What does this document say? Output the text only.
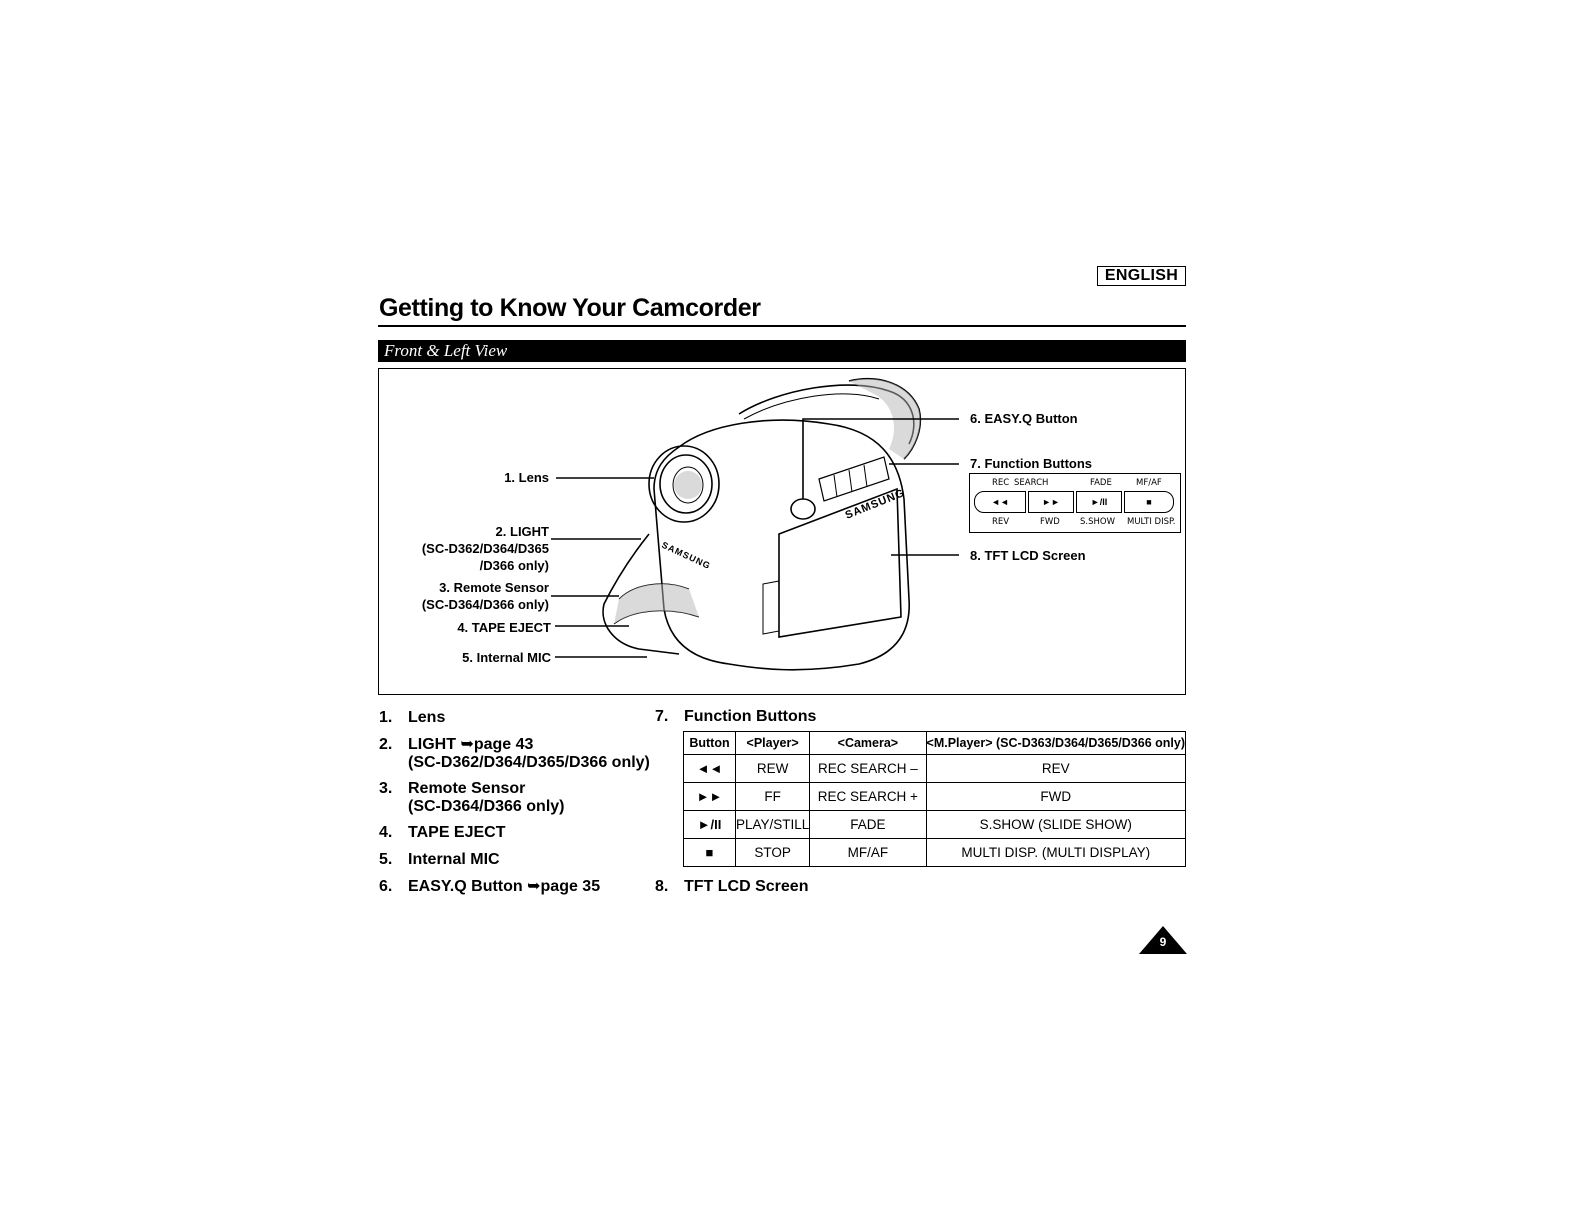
ENGLISH
Getting to Know Your Camcorder
Front & Left View
SAMSUNG
SAMSUNG
1. Lens
2. LIGHT
(SC-D362/D364/D365
/D366 only)
3. Remote Sensor
(SC-D364/D366 only)
4. TAPE EJECT
5. Internal MIC
6. EASY.Q Button
7. Function Buttons
8. TFT LCD Screen
REC SEARCH	FADE	MF/AF
◄◄	►►	►/II	■
REV	FWD S.SHOW MULTI DISP.
1. Lens
2. LIGHT ➥page 43
(SC-D362/D364/D365/D366 only)
3. Remote Sensor
(SC-D364/D366 only)
4. TAPE EJECT
5. Internal MIC
6. EASY.Q Button ➥page 35
7. Function Buttons
Button	<Player>	<Camera>	<M.Player> (SC-D363/D364/D365/D366 only)
◄◄	REW	REC SEARCH –	REV
►►	FF	REC SEARCH +	FWD
►/II	PLAY/STILL	FADE	S.SHOW (SLIDE SHOW)
■	STOP	MF/AF	MULTI DISP. (MULTI DISPLAY)
8. TFT LCD Screen
9
